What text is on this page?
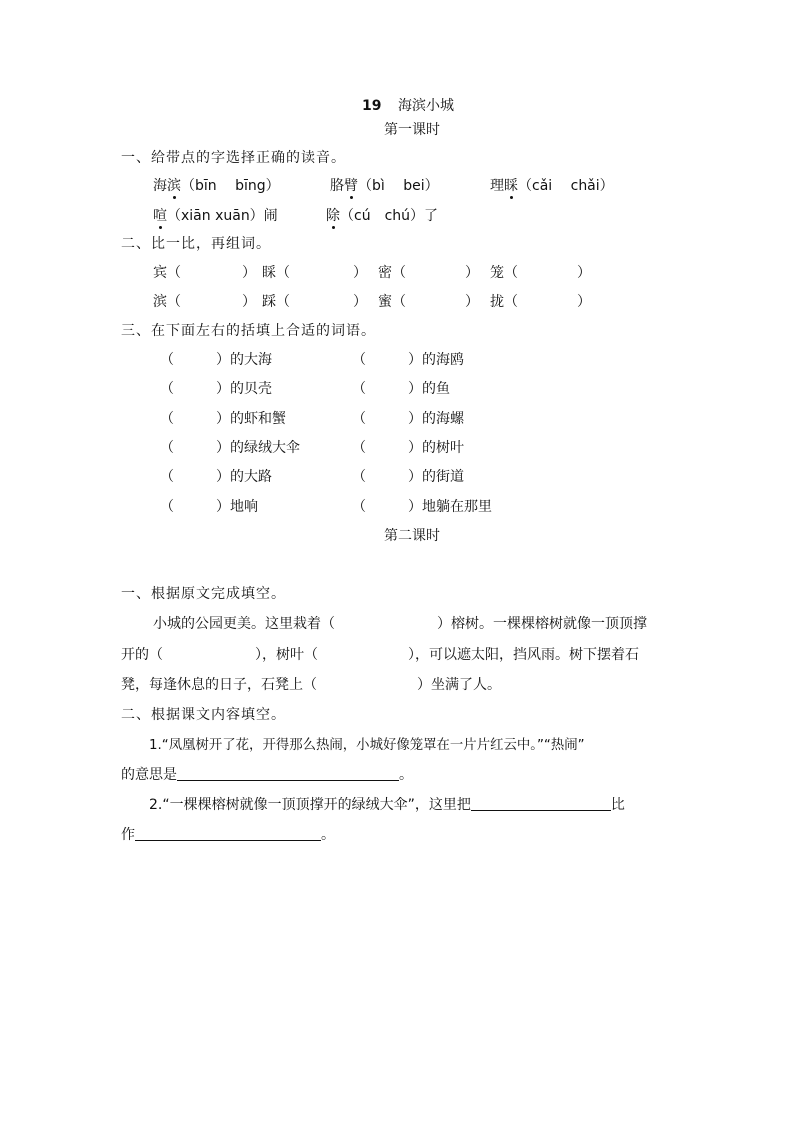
19 海滨小城
第一课时
一、给带点的字选择正确的读音。
海滨（bīn　 bīng）	胳臂（bì　 bei）	理睬（cǎi　 chǎi）
喧（xiān xuān）闹	除（cú　chú）了
二、比一比，再组词。
宾（	） 睬（	） 密（	） 笼（	）
滨（	） 踩（	） 蜜（	） 拢（	）
三、在下面左右的括填上合适的词语。
（	）的大海	（	）的海鸥
（	）的贝壳	（	）的鱼
（	）的虾和蟹	（	）的海螺
（	）的绿绒大伞	（	）的树叶
（	）的大路	（	）的街道
（	）地响	（	）地躺在那里
第二课时
一、根据原文完成填空。
小城的公园更美。这里栽着（	）榕树。一棵棵榕树就像一顶顶撑
开的（	），树叶（	），可以遮太阳，挡风雨。树下摆着石
凳，每逢休息的日子，石凳上（	）坐满了人。
二、根据课文内容填空。
1.“凤凰树开了花，开得那么热闹，小城好像笼罩在一片片红云中。”“热闹”
的意思是	。
2.“一棵棵榕树就像一顶顶撑开的绿绒大伞”，这里把	比
作	。
